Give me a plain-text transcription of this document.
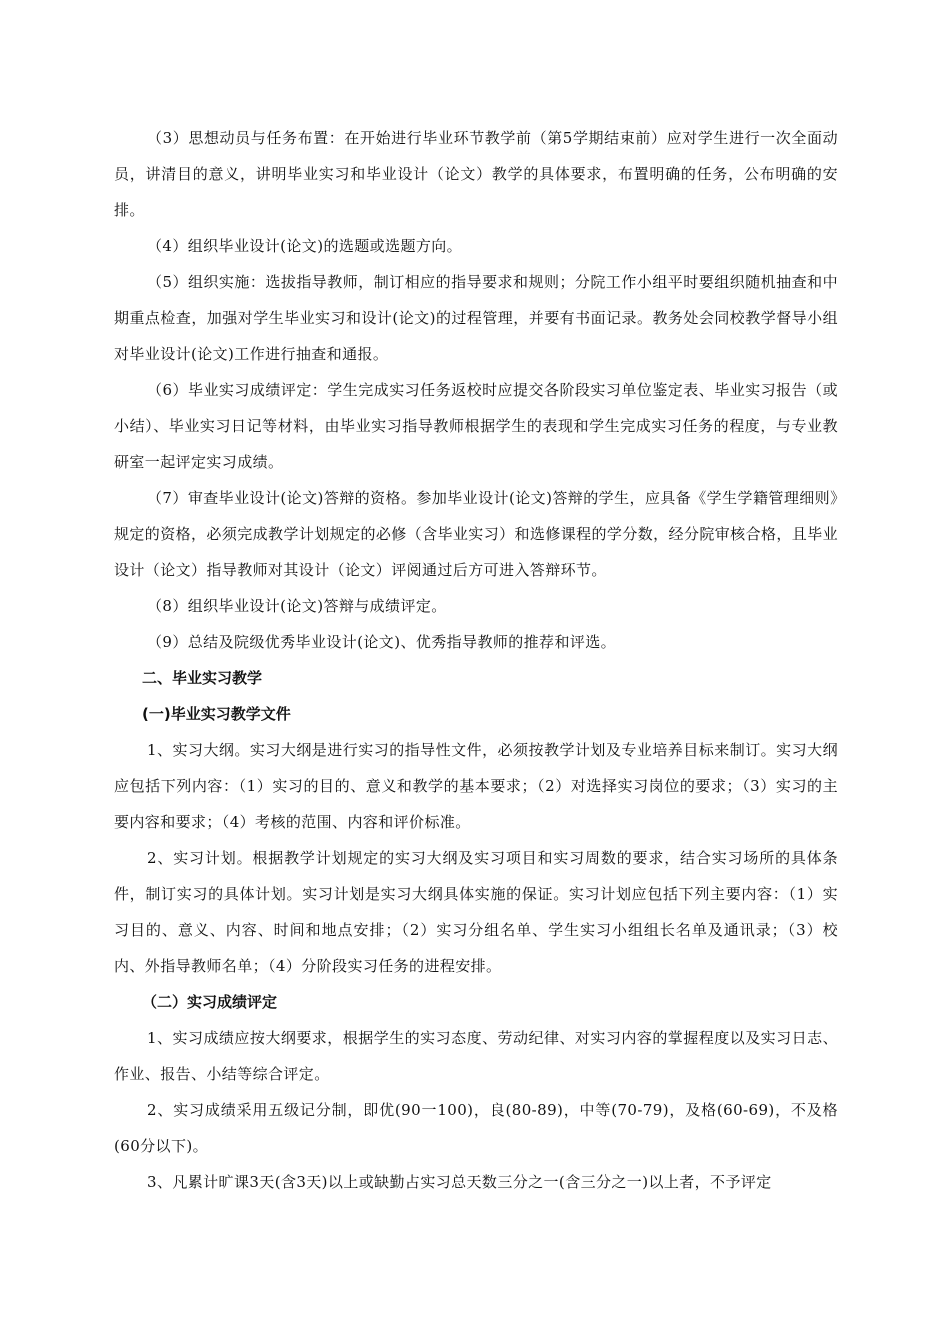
（3）思想动员与任务布置：在开始进行毕业环节教学前（第5学期结束前）应对学生进行一次全面动员，讲清目的意义，讲明毕业实习和毕业设计（论文）教学的具体要求，布置明确的任务，公布明确的安排。

（4）组织毕业设计(论文)的选题或选题方向。

（5）组织实施：选拔指导教师，制订相应的指导要求和规则；分院工作小组平时要组织随机抽查和中期重点检查，加强对学生毕业实习和设计(论文)的过程管理，并要有书面记录。教务处会同校教学督导小组对毕业设计(论文)工作进行抽查和通报。

（6）毕业实习成绩评定：学生完成实习任务返校时应提交各阶段实习单位鉴定表、毕业实习报告（或小结）、毕业实习日记等材料，由毕业实习指导教师根据学生的表现和学生完成实习任务的程度，与专业教研室一起评定实习成绩。

（7）审查毕业设计(论文)答辩的资格。参加毕业设计(论文)答辩的学生，应具备《学生学籍管理细则》规定的资格，必须完成教学计划规定的必修（含毕业实习）和选修课程的学分数，经分院审核合格，且毕业设计（论文）指导教师对其设计（论文）评阅通过后方可进入答辩环节。

（8）组织毕业设计(论文)答辩与成绩评定。

（9）总结及院级优秀毕业设计(论文)、优秀指导教师的推荐和评选。

二、毕业实习教学

(一)毕业实习教学文件

1、实习大纲。实习大纲是进行实习的指导性文件，必须按教学计划及专业培养目标来制订。实习大纲应包括下列内容：（1）实习的目的、意义和教学的基本要求；（2）对选择实习岗位的要求；（3）实习的主要内容和要求；（4）考核的范围、内容和评价标准。

2、实习计划。根据教学计划规定的实习大纲及实习项目和实习周数的要求，结合实习场所的具体条件，制订实习的具体计划。实习计划是实习大纲具体实施的保证。实习计划应包括下列主要内容：（1）实习目的、意义、内容、时间和地点安排；（2）实习分组名单、学生实习小组组长名单及通讯录；（3）校内、外指导教师名单；（4）分阶段实习任务的进程安排。

（二）实习成绩评定

1、实习成绩应按大纲要求，根据学生的实习态度、劳动纪律、对实习内容的掌握程度以及实习日志、作业、报告、小结等综合评定。

2、实习成绩采用五级记分制，即优(90一100)，良(80-89)，中等(70-79)，及格(60-69)，不及格(60分以下)。

3、凡累计旷课3天(含3天)以上或缺勤占实习总天数三分之一(含三分之一)以上者，不予评定
